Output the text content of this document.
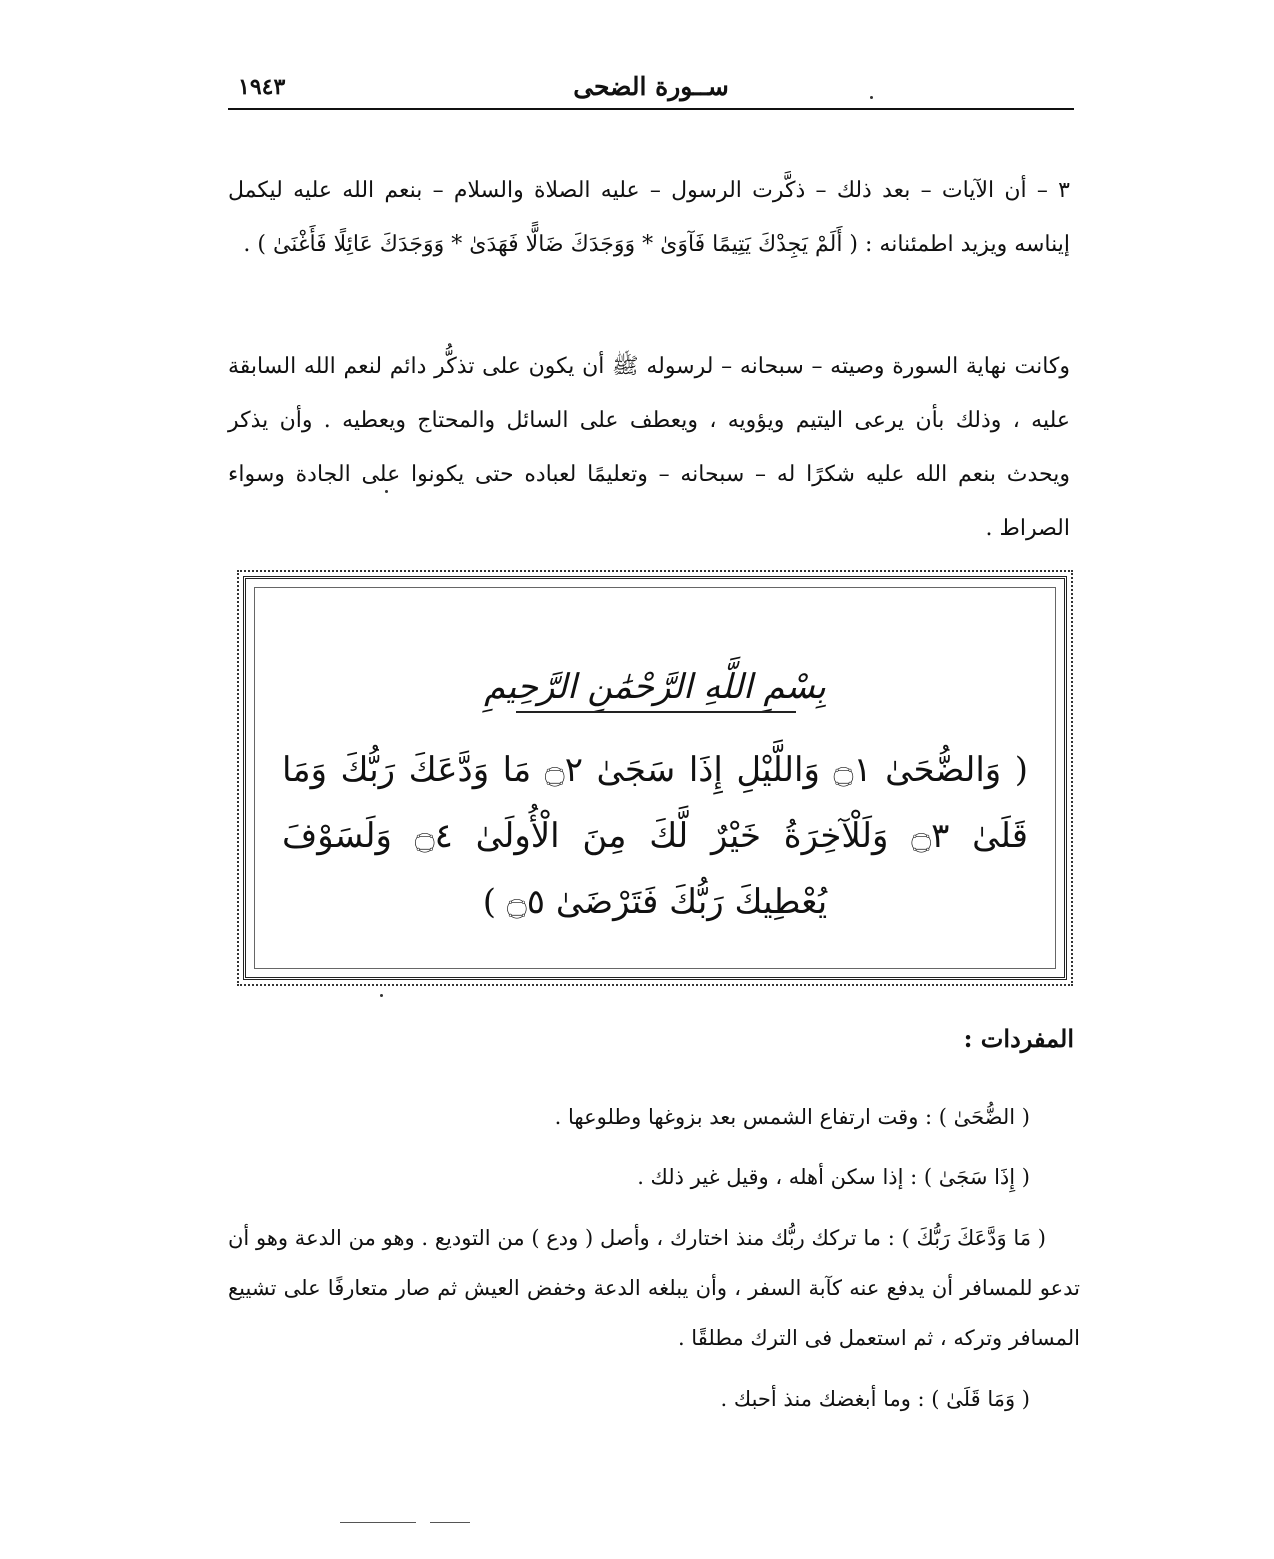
ســورة الضحى
١٩٤٣

٣ – أن الآيات – بعد ذلك – ذكَّرت الرسول – عليه الصلاة والسلام – بنعم الله عليه ليكمل إيناسه ويزيد اطمئنانه : ( أَلَمْ يَجِدْكَ يَتِيمًا فَآوَىٰ * وَوَجَدَكَ ضَالًّا فَهَدَىٰ * وَوَجَدَكَ عَائِلًا فَأَغْنَىٰ ) .

وكانت نهاية السورة وصيته – سبحانه – لرسوله ﷺ أن يكون على تذكُّر دائم لنعم الله السابقة عليه ، وذلك بأن يرعى اليتيم ويؤويه ، ويعطف على السائل والمحتاج ويعطيه . وأن يذكر ويحدث بنعم الله عليه شكرًا له – سبحانه – وتعليمًا لعباده حتى يكونوا على الجادة وسواء الصراط .

بِسْمِ اللَّهِ الرَّحْمَٰنِ الرَّحِيمِ
( وَالضُّحَىٰ ۝١ وَاللَّيْلِ إِذَا سَجَىٰ ۝٢ مَا وَدَّعَكَ رَبُّكَ وَمَا قَلَىٰ ۝٣ وَلَلْآخِرَةُ خَيْرٌ لَّكَ مِنَ الْأُولَىٰ ۝٤ وَلَسَوْفَ يُعْطِيكَ رَبُّكَ فَتَرْضَىٰ ۝٥ )
المفردات :

( الضُّحَىٰ ) : وقت ارتفاع الشمس بعد بزوغها وطلوعها .

( إِذَا سَجَىٰ ) : إذا سكن أهله ، وقيل غير ذلك .

( مَا وَدَّعَكَ رَبُّكَ ) : ما تركك ربُّك منذ اختارك ، وأصل ( ودع ) من التوديع . وهو من الدعة وهو أن تدعو للمسافر أن يدفع عنه كآبة السفر ، وأن يبلغه الدعة وخفض العيش ثم صار متعارفًا على تشييع المسافر وتركه ، ثم استعمل فى الترك مطلقًا .

( وَمَا قَلَىٰ ) : وما أبغضك منذ أحبك .
